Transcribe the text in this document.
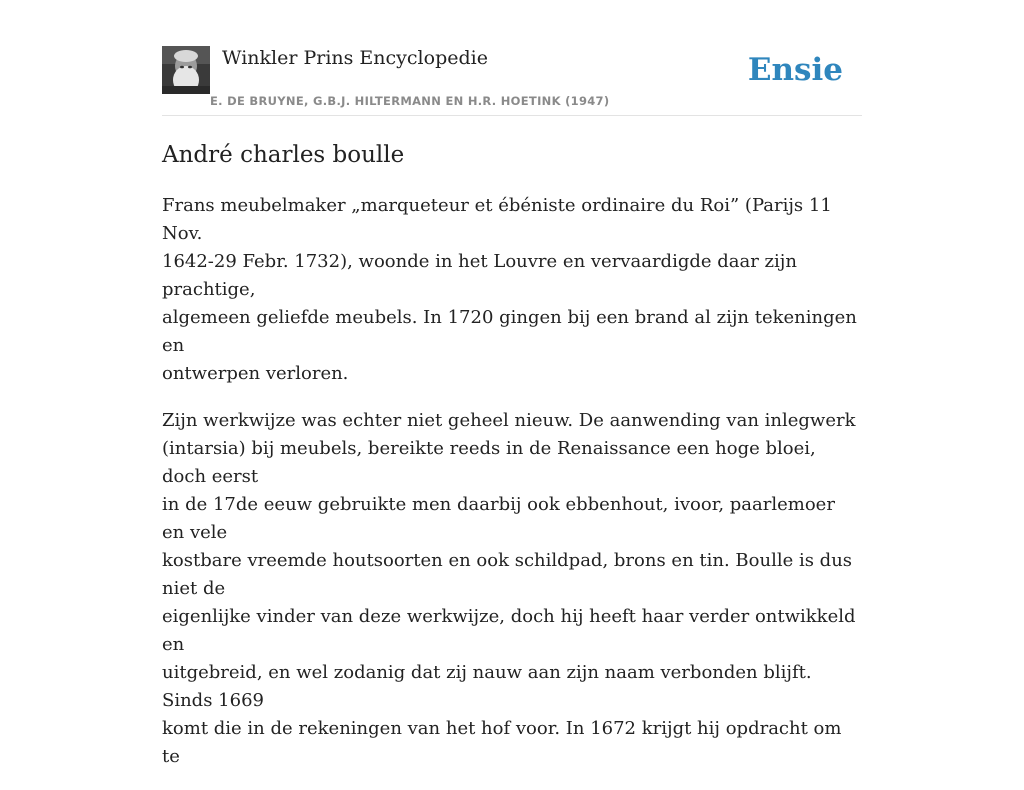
Winkler Prins Encyclopedie
E. DE BRUYNE, G.B.J. HILTERMANN EN H.R. HOETINK (1947)
Ensie
André charles boulle

Frans meubelmaker „marqueteur et ébéniste ordinaire du Roi” (Parijs 11 Nov.
1642-29 Febr. 1732), woonde in het Louvre en vervaardigde daar zijn prachtige,
algemeen geliefde meubels. In 1720 gingen bij een brand al zijn tekeningen en
ontwerpen verloren.

Zijn werkwijze was echter niet geheel nieuw. De aanwending van inlegwerk
(intarsia) bij meubels, bereikte reeds in de Renaissance een hoge bloei, doch eerst
in de 17de eeuw gebruikte men daarbij ook ebbenhout, ivoor, paarlemoer en vele
kostbare vreemde houtsoorten en ook schildpad, brons en tin. Boulle is dus niet de
eigenlijke vinder van deze werkwijze, doch hij heeft haar verder ontwikkeld en
uitgebreid, en wel zodanig dat zij nauw aan zijn naam verbonden blijft. Sinds 1669
komt die in de rekeningen van het hof voor. In 1672 krijgt hij opdracht om te
